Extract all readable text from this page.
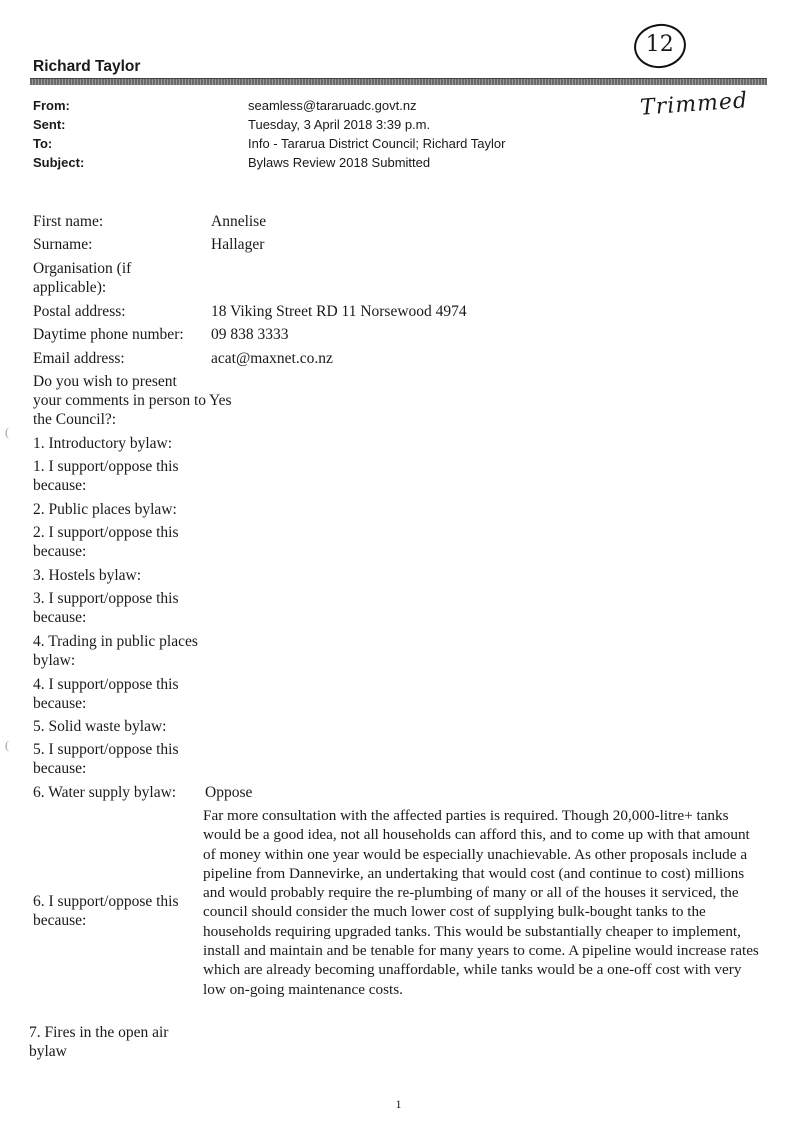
Richard Taylor
12
Trimmed
From:	seamless@tararuadc.govt.nz
Sent:	Tuesday, 3 April 2018 3:39 p.m.
To:	Info - Tararua District Council; Richard Taylor
Subject:	Bylaws Review 2018 Submitted
First name:	Annelise
Surname:	Hallager
Organisation (if applicable):
Postal address:	18 Viking Street RD 11 Norsewood 4974
Daytime phone number:	09 838 3333
Email address:	acat@maxnet.co.nz
Do you wish to present your comments in person to the Council?:
Yes
1. Introductory bylaw:
1. I support/oppose this because:
2. Public places bylaw:
2. I support/oppose this because:
3. Hostels bylaw:
3. I support/oppose this because:
4. Trading in public places bylaw:
4. I support/oppose this because:
5. Solid waste bylaw:
5. I support/oppose this because:
6. Water supply bylaw:	Oppose
6. I support/oppose this because:
Far more consultation with the affected parties is required. Though 20,000-litre+ tanks would be a good idea, not all households can afford this, and to come up with that amount of money within one year would be especially unachievable. As other proposals include a pipeline from Dannevirke, an undertaking that would cost (and continue to cost) millions and would probably require the re-plumbing of many or all of the houses it serviced, the council should consider the much lower cost of supplying bulk-bought tanks to the households requiring upgraded tanks. This would be substantially cheaper to implement, install and maintain and be tenable for many years to come. A pipeline would increase rates which are already becoming unaffordable, while tanks would be a one-off cost with very low on-going maintenance costs.
7. Fires in the open air bylaw
(
(
1
